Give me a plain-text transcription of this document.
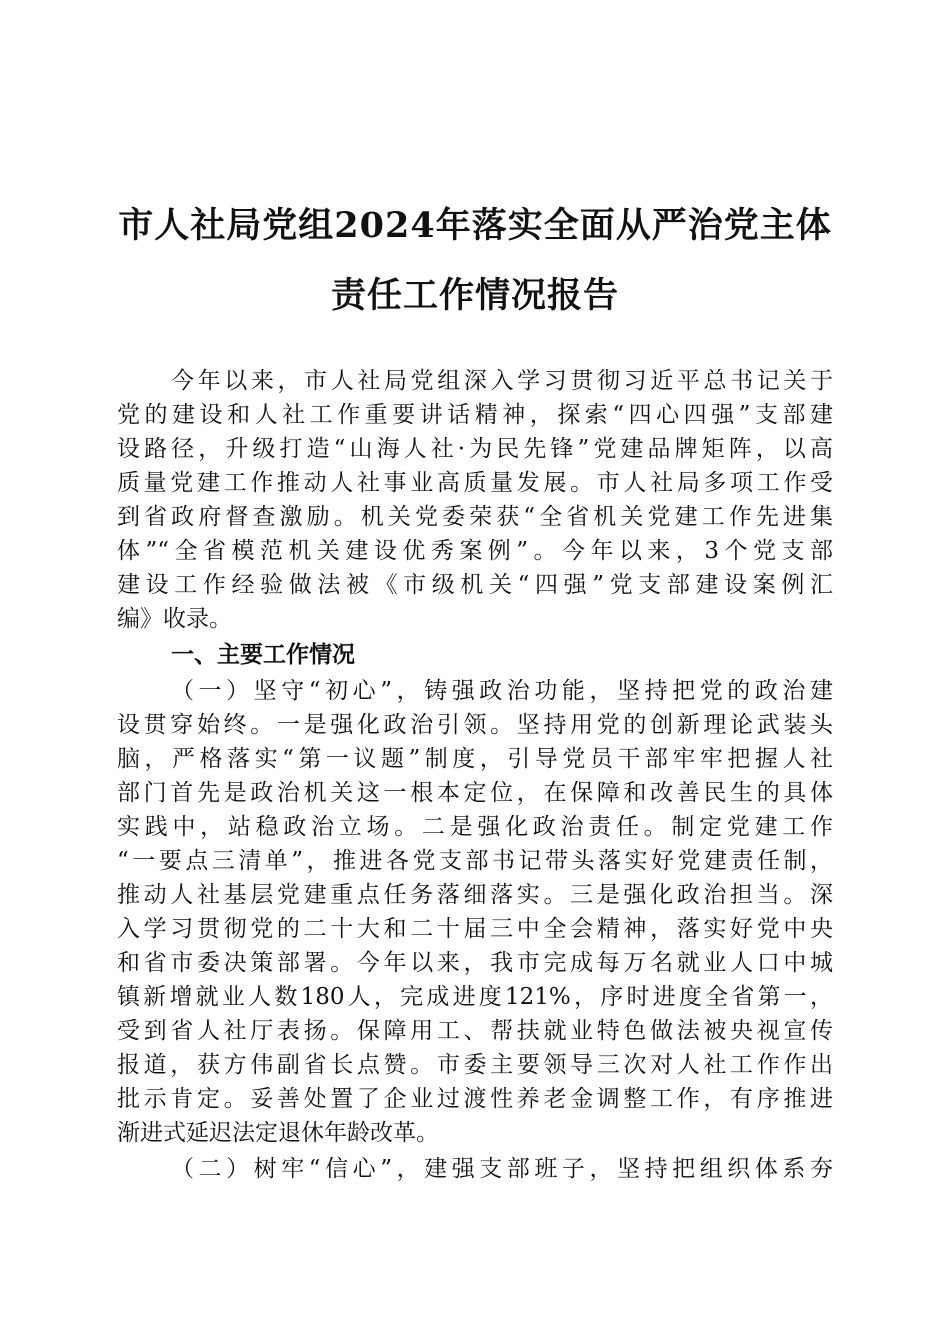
市人社局党组2024年落实全面从严治党主体
责任工作情况报告
今年以来，市人社局党组深入学习贯彻习近平总书记关于
党的建设和人社工作重要讲话精神，探索“四心四强”支部建
设路径，升级打造“山海人社·为民先锋”党建品牌矩阵，以高
质量党建工作推动人社事业高质量发展。市人社局多项工作受
到省政府督查激励。机关党委荣获“全省机关党建工作先进集
体”“全省模范机关建设优秀案例”。今年以来，3个党支部
建设工作经验做法被《市级机关“四强”党支部建设案例汇
编》收录。
一、主要工作情况
（一）坚守“初心”，铸强政治功能，坚持把党的政治建
设贯穿始终。一是强化政治引领。坚持用党的创新理论武装头
脑，严格落实“第一议题”制度，引导党员干部牢牢把握人社
部门首先是政治机关这一根本定位，在保障和改善民生的具体
实践中，站稳政治立场。二是强化政治责任。制定党建工作
“一要点三清单”，推进各党支部书记带头落实好党建责任制，
推动人社基层党建重点任务落细落实。三是强化政治担当。深
入学习贯彻党的二十大和二十届三中全会精神，落实好党中央
和省市委决策部署。今年以来，我市完成每万名就业人口中城
镇新增就业人数180人，完成进度121%，序时进度全省第一，
受到省人社厅表扬。保障用工、帮扶就业特色做法被央视宣传
报道，获方伟副省长点赞。市委主要领导三次对人社工作作出
批示肯定。妥善处置了企业过渡性养老金调整工作，有序推进
渐进式延迟法定退休年龄改革。
（二）树牢“信心”，建强支部班子，坚持把组织体系夯
